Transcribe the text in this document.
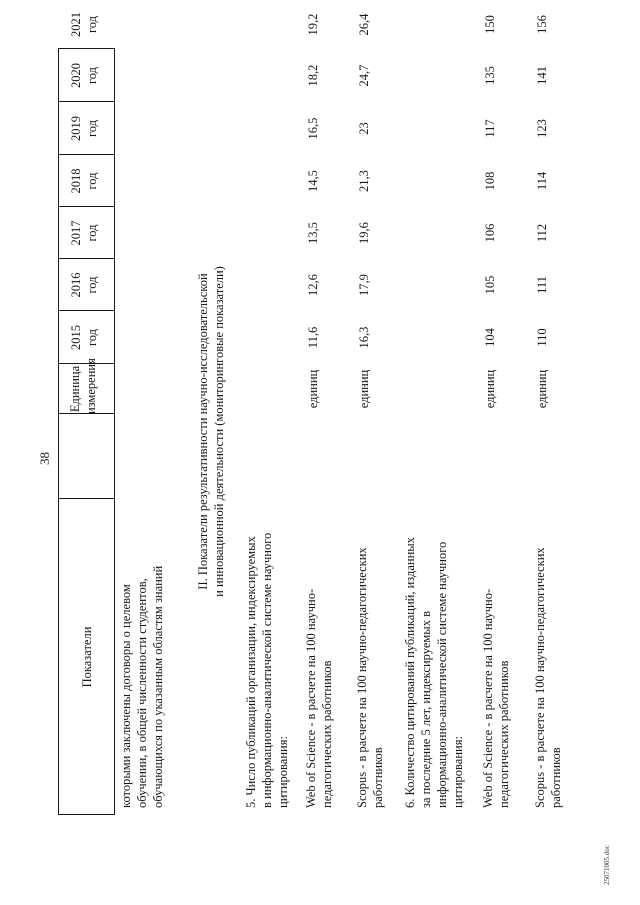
38
Показатели
Единица измерения
2015 год
2016 год
2017 год
2018 год
2019 год
2020 год
2021 год
которыми заключены договоры о целевом обучении, в общей численности студентов, обучающихся по указанным областям знаний
II. Показатели результативности научно-исследовательской и инновационной деятельности (мониторинговые показатели)
5. Число публикаций организации, индексируемых в информационно-аналитической системе научного цитирования: Web of Science - в расчете на 100 научно- педагогических работников
единиц
11,6
12,6
13,5
14,5
16,5
18,2
19,2
Scopus - в расчете на 100 научно-педагогических работников
единиц
16,3
17,9
19,6
21,3
23
24,7
26,4
6. Количество цитирований публикаций, изданных за последние 5 лет, индексируемых в информационно-аналитической системе научного цитирования: Web of Science - в расчете на 100 научно- педагогических работников
единиц
104
105
106
108
117
135
150
Scopus - в расчете на 100 научно-педагогических работников
единиц
110
111
112
114
123
141
156
25071005.doc
